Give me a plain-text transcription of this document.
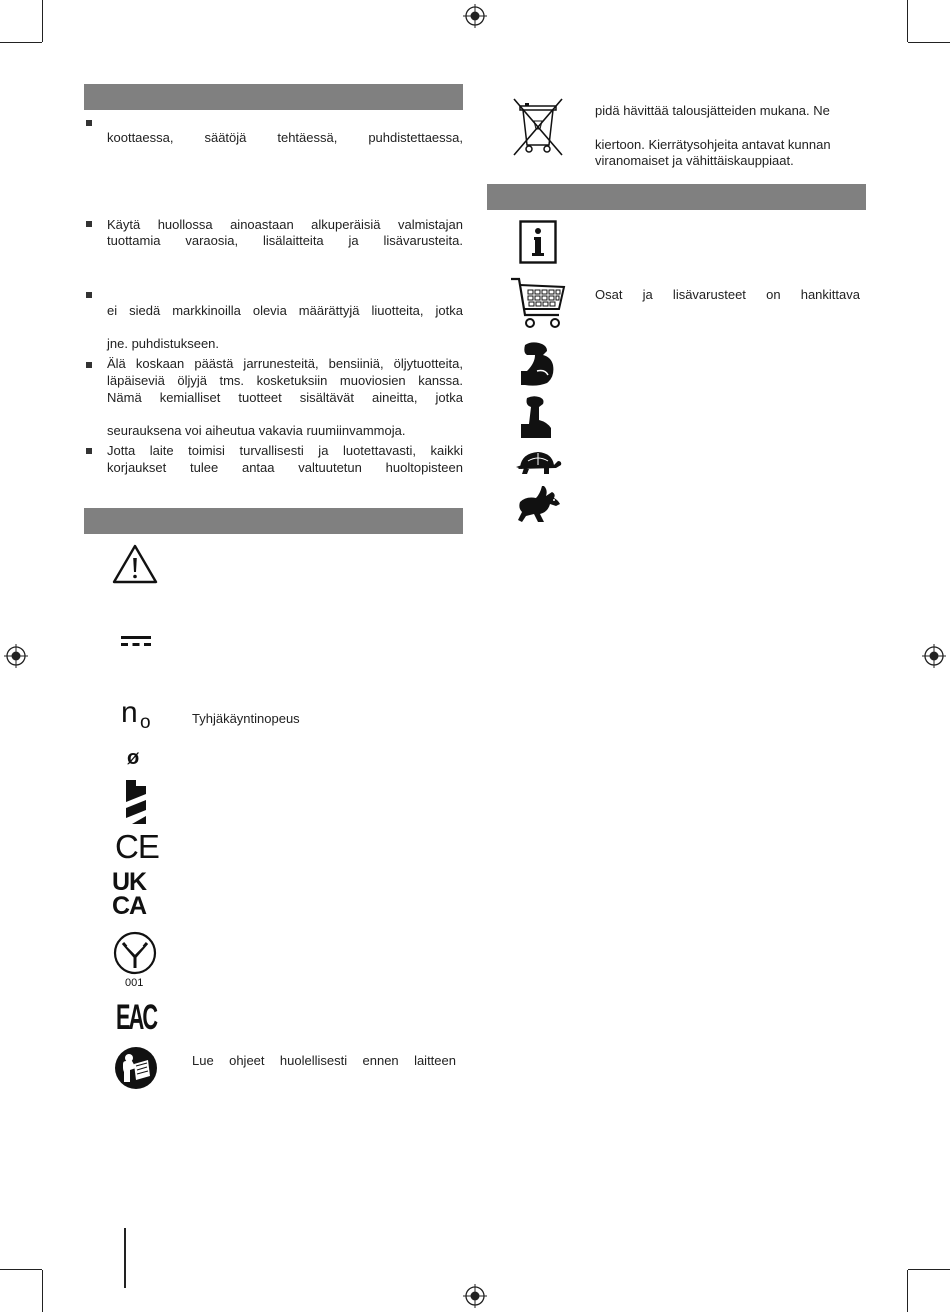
koottaessa, säätöjä tehtäessä, puhdistettaessa,
Käytä huollossa ainoastaan alkuperäisiä valmistajan
tuottamia varaosia, lisälaitteita ja lisävarusteita.
ei siedä markkinoilla olevia määrättyjä liuotteita, jotka
jne. puhdistukseen.
Älä koskaan päästä jarrunesteitä, bensiiniä, öljytuotteita,
läpäiseviä öljyjä tms. kosketuksiin muoviosien kanssa.
Nämä kemialliset tuotteet sisältävät aineitta, jotka
seurauksena voi aiheutua vakavia ruumiinvammoja.
Jotta laite toimisi turvallisesti ja luotettavasti, kaikki
korjaukset tulee antaa valtuutetun huoltopisteen
n o	Tyhjäkäyntinopeus
ø
CE
UK
CA
001
EAC
Lue ohjeet huolellisesti ennen laitteen
pidä hävittää talousjätteiden mukana. Ne
kiertoon. Kierrätysohjeita antavat kunnan
viranomaiset ja vähittäiskauppiaat.
Osat ja lisävarusteet on hankittava
